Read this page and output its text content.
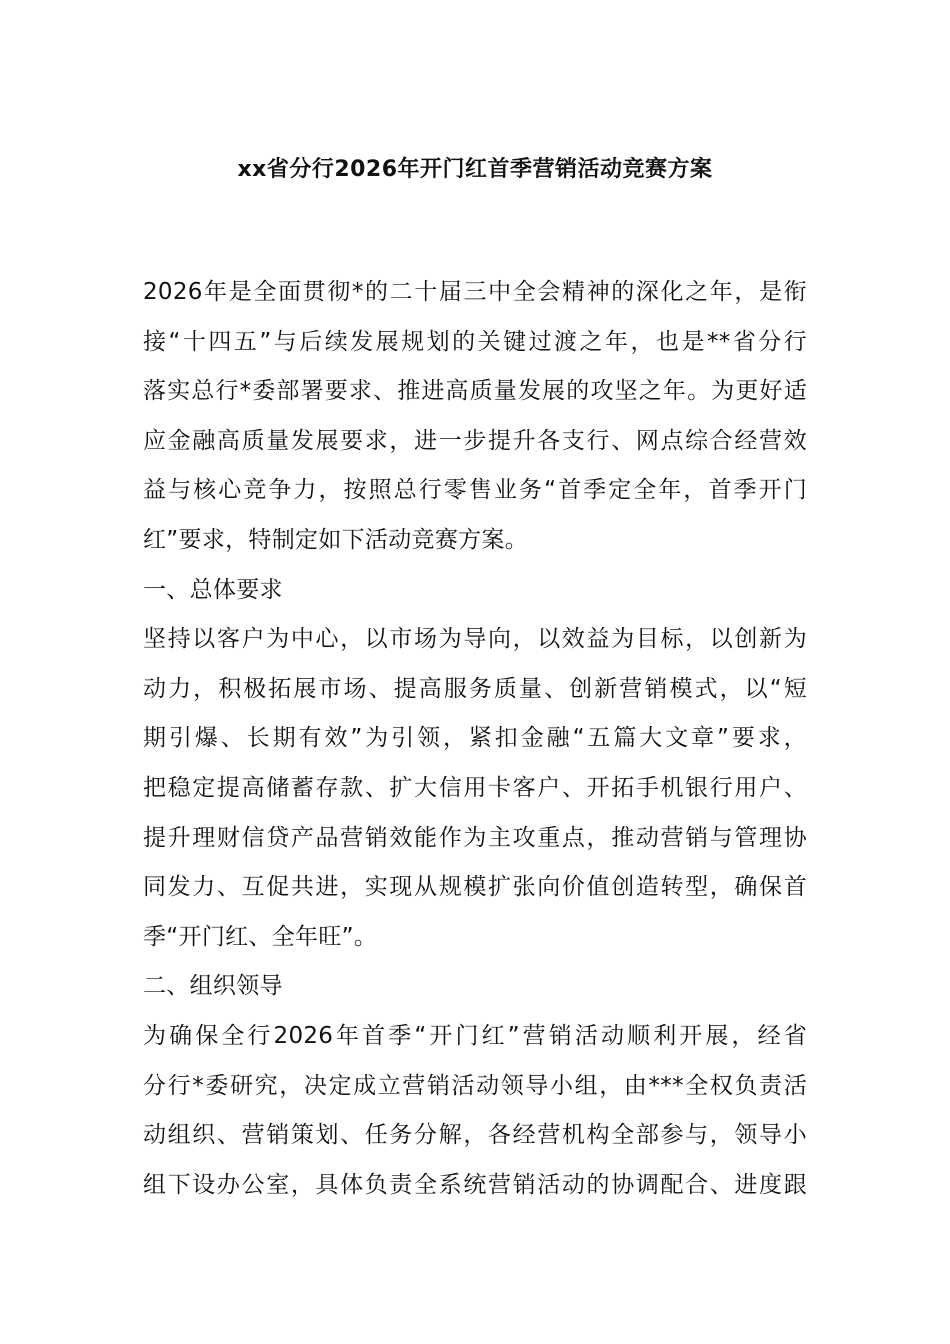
xx省分行2026年开门红首季营销活动竞赛方案
2026年是全面贯彻*的二十届三中全会精神的深化之年，是衔
接“十四五”与后续发展规划的关键过渡之年，也是**省分行
落实总行*委部署要求、推进高质量发展的攻坚之年。为更好适
应金融高质量发展要求，进一步提升各支行、网点综合经营效
益与核心竞争力，按照总行零售业务“首季定全年，首季开门
红”要求，特制定如下活动竞赛方案。
一、总体要求
坚持以客户为中心，以市场为导向，以效益为目标，以创新为
动力，积极拓展市场、提高服务质量、创新营销模式，以“短
期引爆、长期有效”为引领，紧扣金融“五篇大文章”要求，
把稳定提高储蓄存款、扩大信用卡客户、开拓手机银行用户、
提升理财信贷产品营销效能作为主攻重点，推动营销与管理协
同发力、互促共进，实现从规模扩张向价值创造转型，确保首
季“开门红、全年旺”。
二、组织领导
为确保全行2026年首季“开门红”营销活动顺利开展，经省
分行*委研究，决定成立营销活动领导小组，由***全权负责活
动组织、营销策划、任务分解，各经营机构全部参与，领导小
组下设办公室，具体负责全系统营销活动的协调配合、进度跟
